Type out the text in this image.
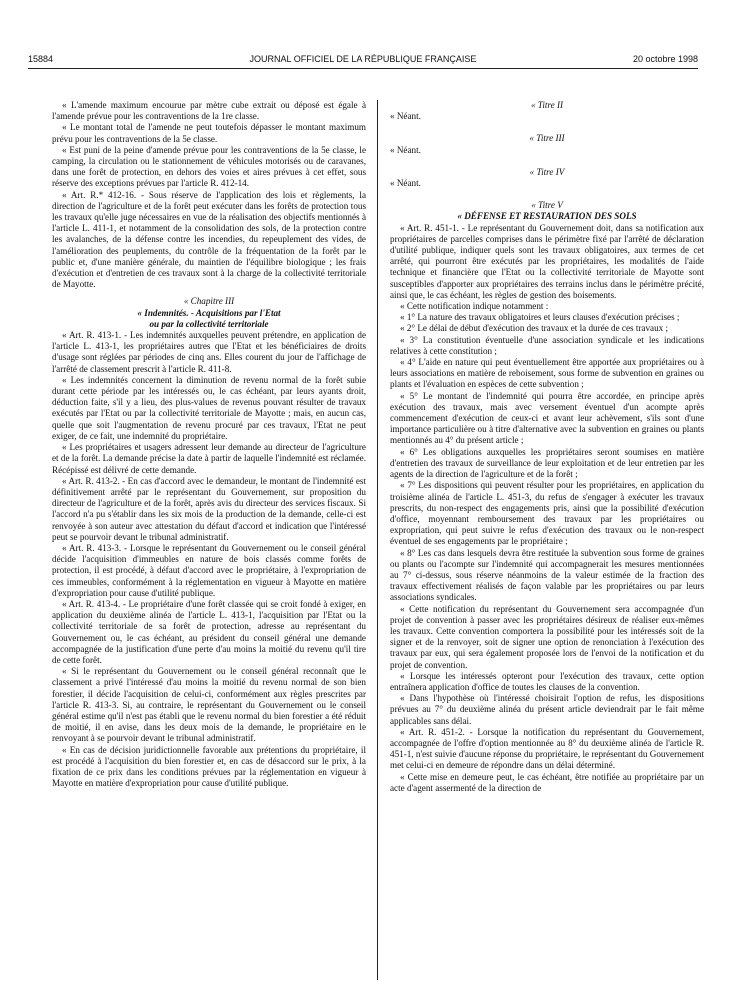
15884	JOURNAL OFFICIEL DE LA RÉPUBLIQUE FRANÇAISE	20 octobre 1998

« L'amende maximum encourue par mètre cube extrait ou déposé est égale à l'amende prévue pour les contraventions de la 1re classe.

« Le montant total de l'amende ne peut toutefois dépasser le montant maximum prévu pour les contraventions de la 5e classe.

« Est puni de la peine d'amende prévue pour les contraventions de la 5e classe, le camping, la circulation ou le stationnement de véhicules motorisés ou de caravanes, dans une forêt de protection, en dehors des voies et aires prévues à cet effet, sous réserve des exceptions prévues par l'article R. 412-14.

« Art. R.* 412-16. - Sous réserve de l'application des lois et règlements, la direction de l'agriculture et de la forêt peut exécuter dans les forêts de protection tous les travaux qu'elle juge nécessaires en vue de la réalisation des objectifs mentionnés à l'article L. 411-1, et notamment de la consolidation des sols, de la protection contre les avalanches, de la défense contre les incendies, du repeuplement des vides, de l'amélioration des peuplements, du contrôle de la fréquentation de la forêt par le public et, d'une manière générale, du maintien de l'équilibre biologique ; les frais d'exécution et d'entretien de ces travaux sont à la charge de la collectivité territoriale de Mayotte.

« Chapitre III

« Indemnités. - Acquisitions par l'Etat

ou par la collectivité territoriale

« Art. R. 413-1. - Les indemnités auxquelles peuvent prétendre, en application de l'article L. 413-1, les propriétaires autres que l'Etat et les bénéficiaires de droits d'usage sont réglées par périodes de cinq ans. Elles courent du jour de l'affichage de l'arrêté de classement prescrit à l'article R. 411-8.

« Les indemnités concernent la diminution de revenu normal de la forêt subie durant cette période par les intéressés ou, le cas échéant, par leurs ayants droit, déduction faite, s'il y a lieu, des plus-values de revenus pouvant résulter de travaux exécutés par l'Etat ou par la collectivité territoriale de Mayotte ; mais, en aucun cas, quelle que soit l'augmentation de revenu procuré par ces travaux, l'Etat ne peut exiger, de ce fait, une indemnité du propriétaire.

« Les propriétaires et usagers adressent leur demande au directeur de l'agriculture et de la forêt. La demande précise la date à partir de laquelle l'indemnité est réclamée. Récépissé est délivré de cette demande.

« Art. R. 413-2. - En cas d'accord avec le demandeur, le montant de l'indemnité est définitivement arrêté par le représentant du Gouvernement, sur proposition du directeur de l'agriculture et de la forêt, après avis du directeur des services fiscaux. Si l'accord n'a pu s'établir dans les six mois de la production de la demande, celle-ci est renvoyée à son auteur avec attestation du défaut d'accord et indication que l'intéressé peut se pourvoir devant le tribunal administratif.

« Art. R. 413-3. - Lorsque le représentant du Gouvernement ou le conseil général décide l'acquisition d'immeubles en nature de bois classés comme forêts de protection, il est procédé, à défaut d'accord avec le propriétaire, à l'expropriation de ces immeubles, conformément à la réglementation en vigueur à Mayotte en matière d'expropriation pour cause d'utilité publique.

« Art. R. 413-4. - Le propriétaire d'une forêt classée qui se croit fondé à exiger, en application du deuxième alinéa de l'article L. 413-1, l'acquisition par l'Etat ou la collectivité territoriale de sa forêt de protection, adresse au représentant du Gouvernement ou, le cas échéant, au président du conseil général une demande accompagnée de la justification d'une perte d'au moins la moitié du revenu qu'il tire de cette forêt.

« Si le représentant du Gouvernement ou le conseil général reconnaît que le classement a privé l'intéressé d'au moins la moitié du revenu normal de son bien forestier, il décide l'acquisition de celui-ci, conformément aux règles prescrites par l'article R. 413-3. Si, au contraire, le représentant du Gouvernement ou le conseil général estime qu'il n'est pas établi que le revenu normal du bien forestier a été réduit de moitié, il en avise, dans les deux mois de la demande, le propriétaire en le renvoyant à se pourvoir devant le tribunal administratif.

« En cas de décision juridictionnelle favorable aux prétentions du propriétaire, il est procédé à l'acquisition du bien forestier et, en cas de désaccord sur le prix, à la fixation de ce prix dans les conditions prévues par la réglementation en vigueur à Mayotte en matière d'expropriation pour cause d'utilité publique.

« Titre II

« Néant.

« Titre III

« Néant.

« Titre IV

« Néant.

« Titre V

« DÉFENSE ET RESTAURATION DES SOLS

« Art. R. 451-1. - Le représentant du Gouvernement doit, dans sa notification aux propriétaires de parcelles comprises dans le périmètre fixé par l'arrêté de déclaration d'utilité publique, indiquer quels sont les travaux obligatoires, aux termes de cet arrêté, qui pourront être exécutés par les propriétaires, les modalités de l'aide technique et financière que l'Etat ou la collectivité territoriale de Mayotte sont susceptibles d'apporter aux propriétaires des terrains inclus dans le périmètre précité, ainsi que, le cas échéant, les règles de gestion des boisements.

« Cette notification indique notamment :

« 1° La nature des travaux obligatoires et leurs clauses d'exécution précises ;

« 2° Le délai de début d'exécution des travaux et la durée de ces travaux ;

« 3° La constitution éventuelle d'une association syndicale et les indications relatives à cette constitution ;

« 4° L'aide en nature qui peut éventuellement être apportée aux propriétaires ou à leurs associations en matière de reboisement, sous forme de subvention en graines ou plants et l'évaluation en espèces de cette subvention ;

« 5° Le montant de l'indemnité qui pourra être accordée, en principe après exécution des travaux, mais avec versement éventuel d'un acompte après commencement d'exécution de ceux-ci et avant leur achèvement, s'ils sont d'une importance particulière ou à titre d'alternative avec la subvention en graines ou plants mentionnés au 4° du présent article ;

« 6° Les obligations auxquelles les propriétaires seront soumises en matière d'entretien des travaux de surveillance de leur exploitation et de leur entretien par les agents de la direction de l'agriculture et de la forêt ;

« 7° Les dispositions qui peuvent résulter pour les propriétaires, en application du troisième alinéa de l'article L. 451-3, du refus de s'engager à exécuter les travaux prescrits, du non-respect des engagements pris, ainsi que la possibilité d'exécution d'office, moyennant remboursement des travaux par les propriétaires ou expropriation, qui peut suivre le refus d'exécution des travaux ou le non-respect éventuel de ses engagements par le propriétaire ;

« 8° Les cas dans lesquels devra être restituée la subvention sous forme de graines ou plants ou l'acompte sur l'indemnité qui accompagnerait les mesures mentionnées au 7° ci-dessus, sous réserve néanmoins de la valeur estimée de la fraction des travaux effectivement réalisés de façon valable par les propriétaires ou par leurs associations syndicales.

« Cette notification du représentant du Gouvernement sera accompagnée d'un projet de convention à passer avec les propriétaires désireux de réaliser eux-mêmes les travaux. Cette convention comportera la possibilité pour les intéressés soit de la signer et de la renvoyer, soit de signer une option de renonciation à l'exécution des travaux par eux, qui sera également proposée lors de l'envoi de la notification et du projet de convention.

« Lorsque les intéressés opteront pour l'exécution des travaux, cette option entraînera application d'office de toutes les clauses de la convention.

« Dans l'hypothèse où l'intéressé choisirait l'option de refus, les dispositions prévues au 7° du deuxième alinéa du présent article deviendrait par le fait même applicables sans délai.

« Art. R. 451-2. - Lorsque la notification du représentant du Gouvernement, accompagnée de l'offre d'option mentionnée au 8° du deuxième alinéa de l'article R. 451-1, n'est suivie d'aucune réponse du propriétaire, le représentant du Gouvernement met celui-ci en demeure de répondre dans un délai déterminé.

« Cette mise en demeure peut, le cas échéant, être notifiée au propriétaire par un acte d'agent assermenté de la direction de
